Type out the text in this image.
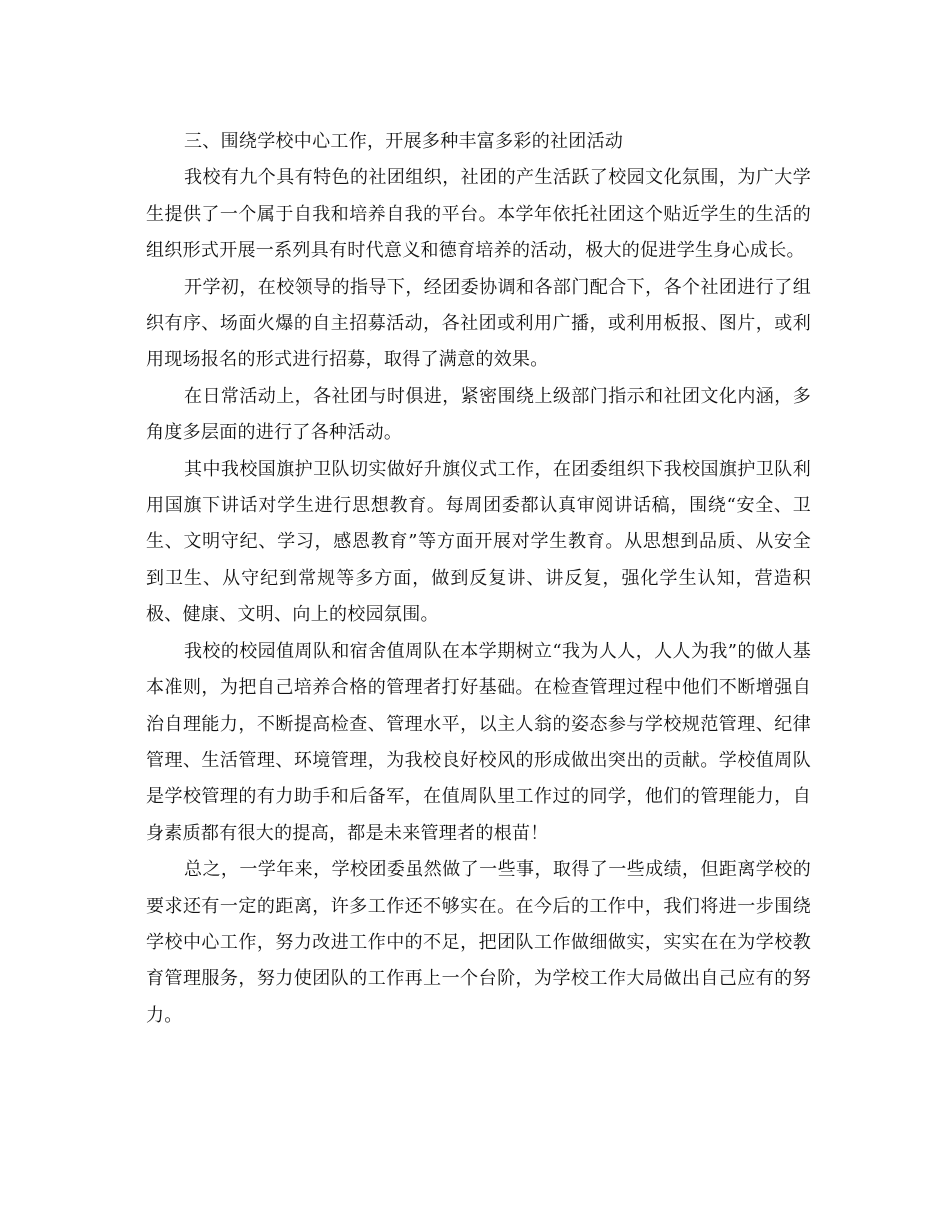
三、围绕学校中心工作，开展多种丰富多彩的社团活动

我校有九个具有特色的社团组织，社团的产生活跃了校园文化氛围，为广大学生提供了一个属于自我和培养自我的平台。本学年依托社团这个贴近学生的生活的组织形式开展一系列具有时代意义和德育培养的活动，极大的促进学生身心成长。

开学初，在校领导的指导下，经团委协调和各部门配合下，各个社团进行了组织有序、场面火爆的自主招募活动，各社团或利用广播，或利用板报、图片，或利用现场报名的形式进行招募，取得了满意的效果。

在日常活动上，各社团与时俱进，紧密围绕上级部门指示和社团文化内涵，多角度多层面的进行了各种活动。

其中我校国旗护卫队切实做好升旗仪式工作，在团委组织下我校国旗护卫队利用国旗下讲话对学生进行思想教育。每周团委都认真审阅讲话稿，围绕“安全、卫生、文明守纪、学习，感恩教育”等方面开展对学生教育。从思想到品质、从安全到卫生、从守纪到常规等多方面，做到反复讲、讲反复，强化学生认知，营造积极、健康、文明、向上的校园氛围。

我校的校园值周队和宿舍值周队在本学期树立“我为人人，人人为我”的做人基本准则，为把自己培养合格的管理者打好基础。在检查管理过程中他们不断增强自治自理能力，不断提高检查、管理水平，以主人翁的姿态参与学校规范管理、纪律管理、生活管理、环境管理，为我校良好校风的形成做出突出的贡献。学校值周队是学校管理的有力助手和后备军，在值周队里工作过的同学，他们的管理能力，自身素质都有很大的提高，都是未来管理者的根苗！

总之，一学年来，学校团委虽然做了一些事，取得了一些成绩，但距离学校的要求还有一定的距离，许多工作还不够实在。在今后的工作中，我们将进一步围绕学校中心工作，努力改进工作中的不足，把团队工作做细做实，实实在在为学校教育管理服务，努力使团队的工作再上一个台阶，为学校工作大局做出自己应有的努力。
